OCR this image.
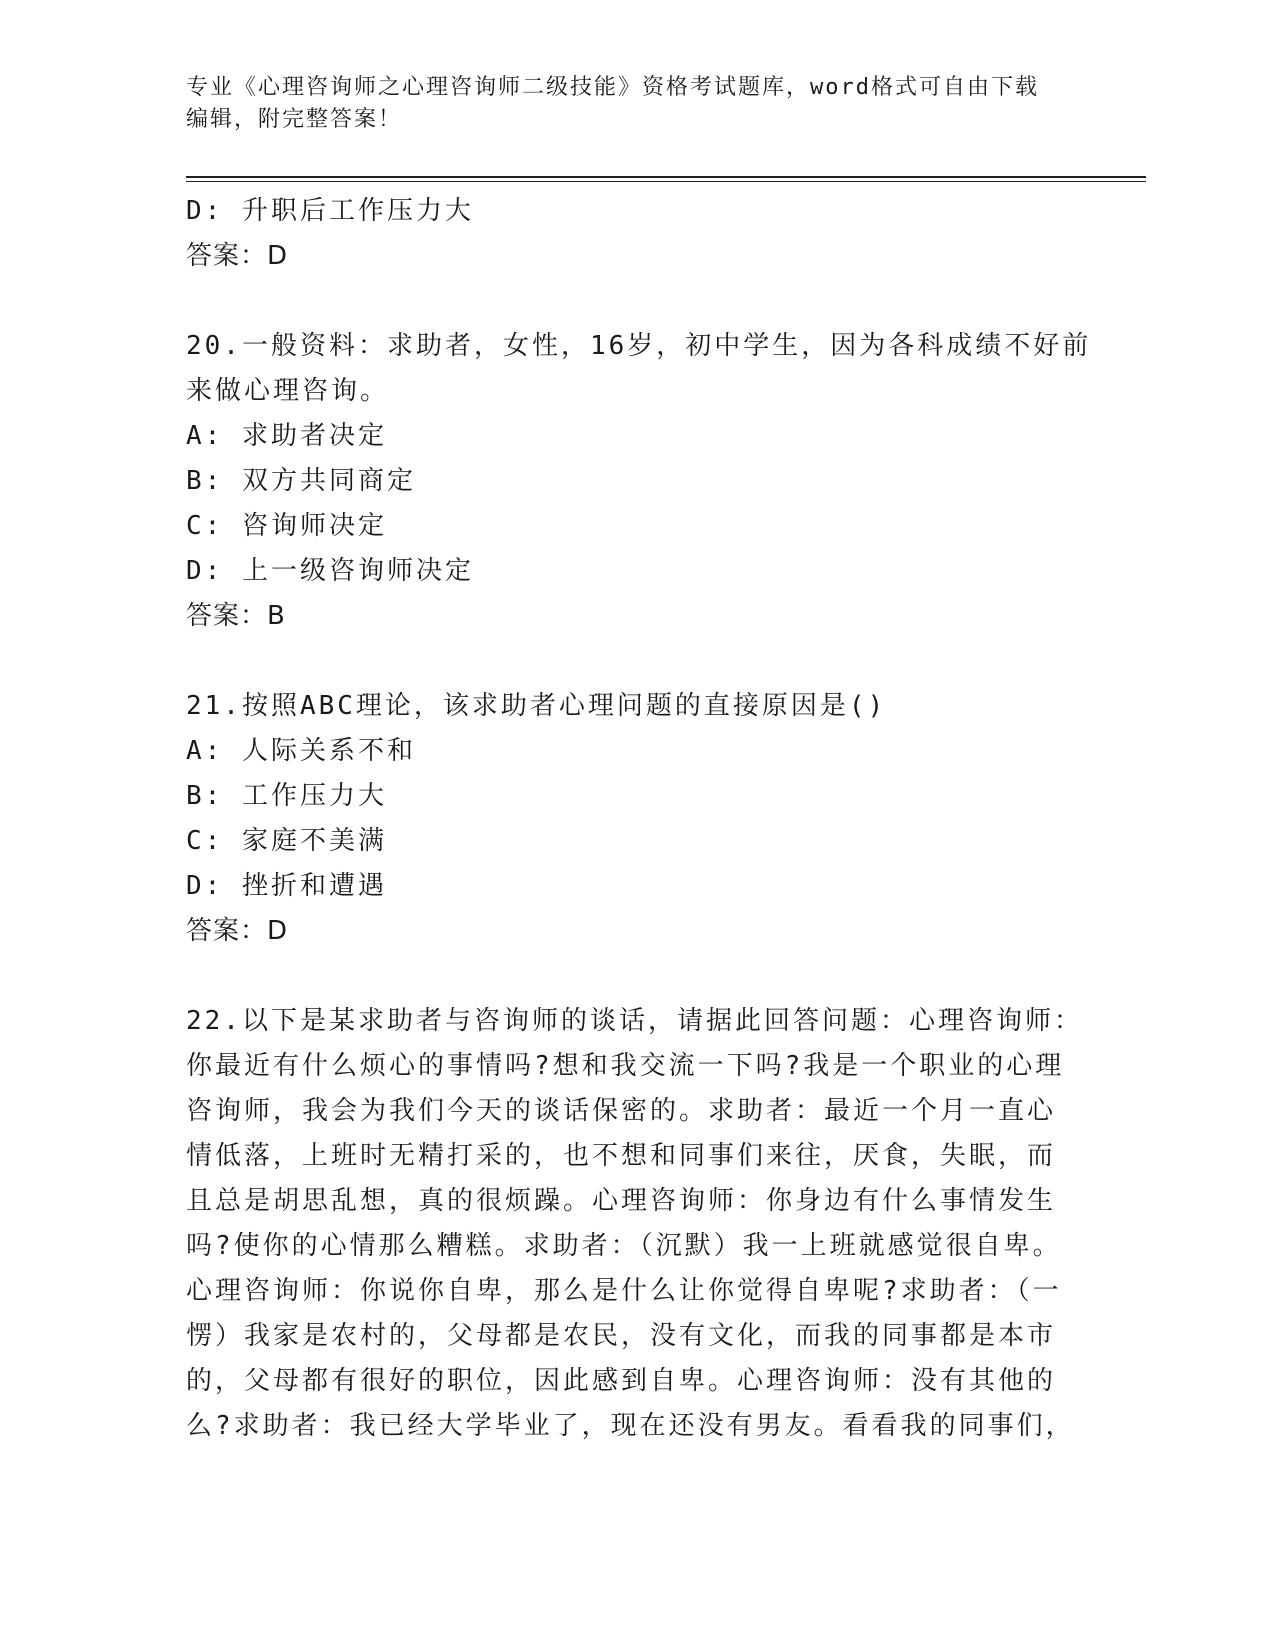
专业《心理咨询师之心理咨询师二级技能》资格考试题库，word格式可自由下载
编辑，附完整答案！
D: 升职后工作压力大
答案：D
20.一般资料：求助者，女性，16岁，初中学生，因为各科成绩不好前
来做心理咨询。
A: 求助者决定
B: 双方共同商定
C: 咨询师决定
D: 上一级咨询师决定
答案：B
21.按照ABC理论，该求助者心理问题的直接原因是()
A: 人际关系不和
B: 工作压力大
C: 家庭不美满
D: 挫折和遭遇
答案：D
22.以下是某求助者与咨询师的谈话，请据此回答问题：心理咨询师：
你最近有什么烦心的事情吗?想和我交流一下吗?我是一个职业的心理
咨询师，我会为我们今天的谈话保密的。求助者：最近一个月一直心
情低落，上班时无精打采的，也不想和同事们来往，厌食，失眠，而
且总是胡思乱想，真的很烦躁。心理咨询师：你身边有什么事情发生
吗?使你的心情那么糟糕。求助者：（沉默）我一上班就感觉很自卑。
心理咨询师：你说你自卑，那么是什么让你觉得自卑呢?求助者：（一
愣）我家是农村的，父母都是农民，没有文化，而我的同事都是本市
的，父母都有很好的职位，因此感到自卑。心理咨询师：没有其他的
么?求助者：我已经大学毕业了，现在还没有男友。看看我的同事们，
